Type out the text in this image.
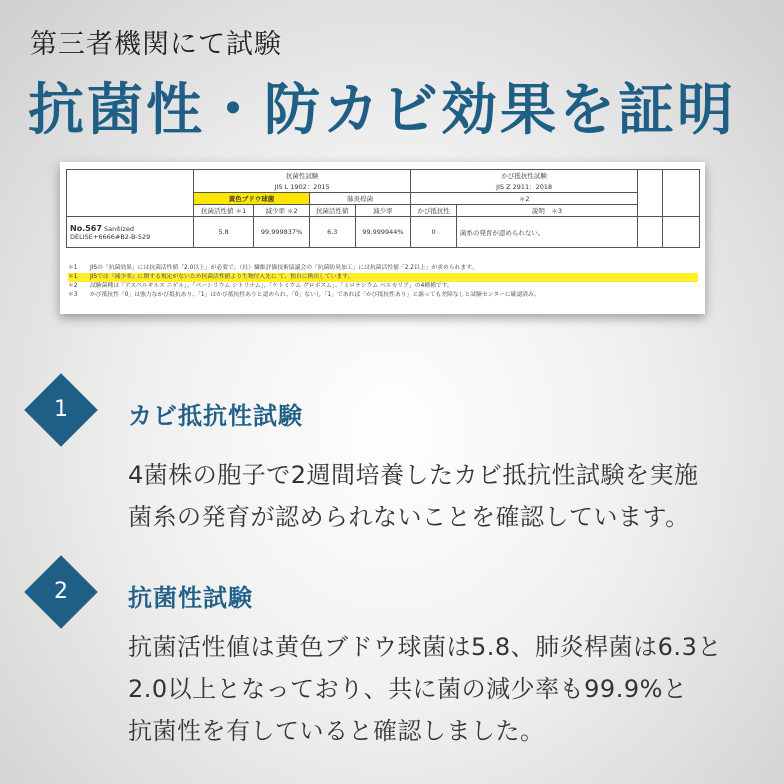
第三者機関にて試験
抗菌性・防カビ効果を証明
	抗菌性試験				かび抵抗性試験			
	JIS L 1902：2015				JIS Z 2911：2018			
	黄色ブドウ球菌		肺炎桿菌		＊2			
	抗菌活性値 ＊1	減少率 ＊2	抗菌活性値	減少率	かび抵抗性	説明　＊3		
No.567 Sanitized
DELISE+6666#B2-B-529	5.8	99.999837%	6.3	99.999944%	0	菌糸の発育が認められない。		
＊1	JISの「抗菌効果」には抗菌活性値「2.0以上」が必要で、（社）繊維評価技術協議会の「抗菌防臭加工」には抗菌活性値「2.2以上」が求められます。
＊1	JISでは『減少率』に関する規定がないため抗菌活性値より生物付入先に て、独自に換出しています。
＊2	試験菌種は「アスペルギルス ニゲル」、「ペーシリウム シトリナム」、「ケトミウム グロボスム」、「ミロテシウム ベルカリア」の4種種です。
＊3	かび抵抗性「0」は強力なかび抵抗あり、「1」はかび抵抗性ありと認められ、「0」ないし「1」であれば「かび抵抗性あり」と謳っても差障なしと試験センターに確認済み。
1	カビ抵抗性試験

4菌株の胞子で2週間培養したカビ抵抗性試験を実施

菌糸の発育が認められないことを確認しています。

2	抗菌性試験

抗菌活性値は黄色ブドウ球菌は5.8、肺炎桿菌は6.3と

2.0以上となっており、共に菌の減少率も99.9%と

抗菌性を有していると確認しました。
